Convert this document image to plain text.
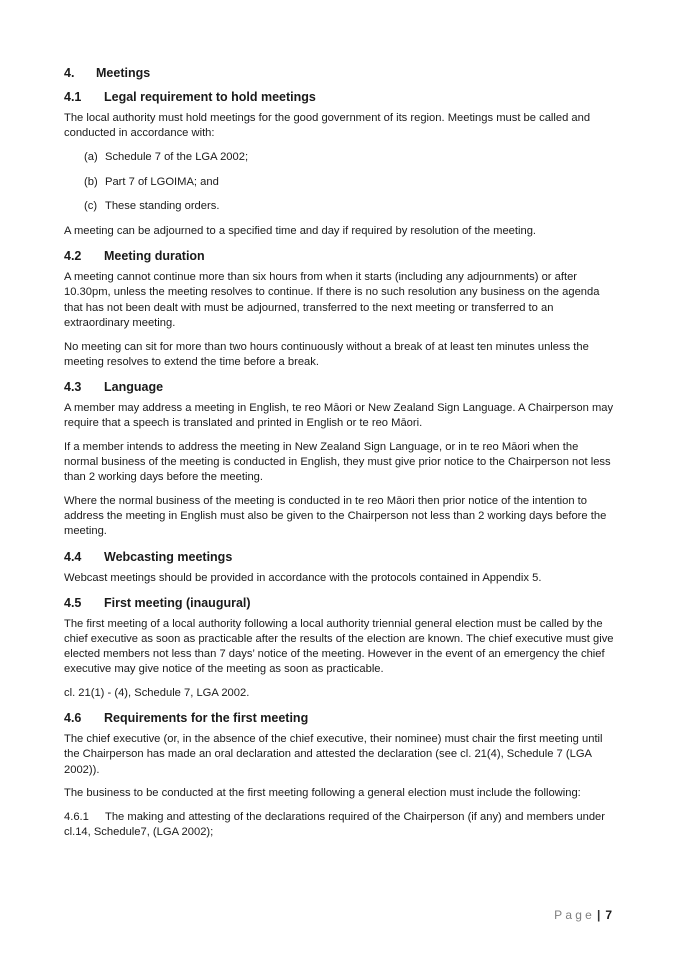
4.	Meetings
4.1	Legal requirement to hold meetings

The local authority must hold meetings for the good government of its region. Meetings must be called and conducted in accordance with:

(a) Schedule 7 of the LGA 2002;
(b) Part 7 of LGOIMA; and
(c) These standing orders.

A meeting can be adjourned to a specified time and day if required by resolution of the meeting.

4.2	Meeting duration

A meeting cannot continue more than six hours from when it starts (including any adjournments) or after 10.30pm, unless the meeting resolves to continue. If there is no such resolution any business on the agenda that has not been dealt with must be adjourned, transferred to the next meeting or transferred to an extraordinary meeting.

No meeting can sit for more than two hours continuously without a break of at least ten minutes unless the meeting resolves to extend the time before a break.

4.3	Language

A member may address a meeting in English, te reo Māori or New Zealand Sign Language. A Chairperson may require that a speech is translated and printed in English or te reo Māori.

If a member intends to address the meeting in New Zealand Sign Language, or in te reo Māori when the normal business of the meeting is conducted in English, they must give prior notice to the Chairperson not less than 2 working days before the meeting.

Where the normal business of the meeting is conducted in te reo Māori then prior notice of the intention to address the meeting in English must also be given to the Chairperson not less than 2 working days before the meeting.

4.4	Webcasting meetings

Webcast meetings should be provided in accordance with the protocols contained in Appendix 5.

4.5	First meeting (inaugural)

The first meeting of a local authority following a local authority triennial general election must be called by the chief executive as soon as practicable after the results of the election are known. The chief executive must give elected members not less than 7 days’ notice of the meeting. However in the event of an emergency the chief executive may give notice of the meeting as soon as practicable.

cl. 21(1) - (4), Schedule 7, LGA 2002.

4.6	Requirements for the first meeting

The chief executive (or, in the absence of the chief executive, their nominee) must chair the first meeting until the Chairperson has made an oral declaration and attested the declaration (see cl. 21(4), Schedule 7 (LGA 2002)).

The business to be conducted at the first meeting following a general election must include the following:

4.6.1 The making and attesting of the declarations required of the Chairperson (if any) and members under cl.14, Schedule7, (LGA 2002);
Page | 7
